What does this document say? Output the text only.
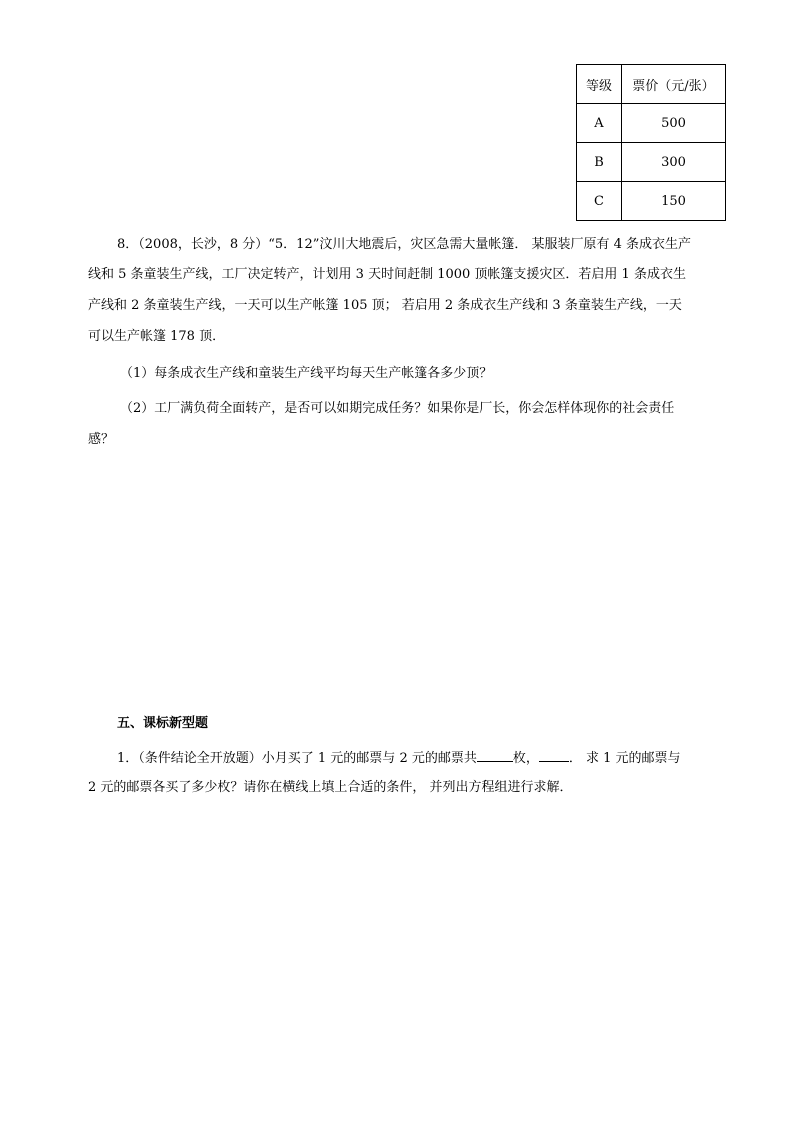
等级	票价（元/张）
A	500
B	300
C	150
8．（2008，长沙，8 分）“5．12”汶川大地震后，灾区急需大量帐篷． 某服装厂原有 4 条成衣生产
线和 5 条童装生产线，工厂决定转产，计划用 3 天时间赶制 1000 顶帐篷支援灾区．若启用 1 条成衣生
产线和 2 条童装生产线，一天可以生产帐篷 105 顶； 若启用 2 条成衣生产线和 3 条童装生产线，一天
可以生产帐篷 178 顶．
（1）每条成衣生产线和童装生产线平均每天生产帐篷各多少顶？
（2）工厂满负荷全面转产，是否可以如期完成任务？如果你是厂长，你会怎样体现你的社会责任
感？
五、课标新型题
1．（条件结论全开放题）小月买了 1 元的邮票与 2 元的邮票共	枚， ． 求 1 元的邮票与
2 元的邮票各买了多少枚？请你在横线上填上合适的条件， 并列出方程组进行求解．
